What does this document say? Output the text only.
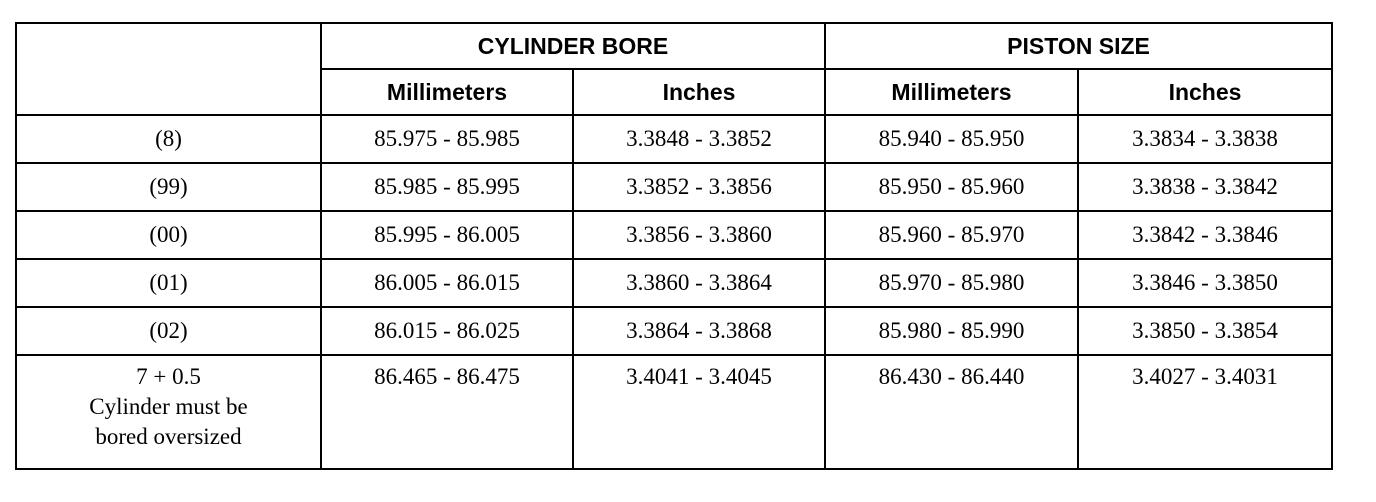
	CYLINDER BORE		PISTON SIZE	
	Millimeters	Inches	Millimeters	Inches
(8)	85.975 - 85.985	3.3848 - 3.3852	85.940 - 85.950	3.3834 - 3.3838
(99)	85.985 - 85.995	3.3852 - 3.3856	85.950 - 85.960	3.3838 - 3.3842
(00)	85.995 - 86.005	3.3856 - 3.3860	85.960 - 85.970	3.3842 - 3.3846
(01)	86.005 - 86.015	3.3860 - 3.3864	85.970 - 85.980	3.3846 - 3.3850
(02)	86.015 - 86.025	3.3864 - 3.3868	85.980 - 85.990	3.3850 - 3.3854

7 + 0.5
Cylinder must be
bored oversized	86.465 - 86.475	3.4041 - 3.4045	86.430 - 86.440	3.4027 - 3.4031
